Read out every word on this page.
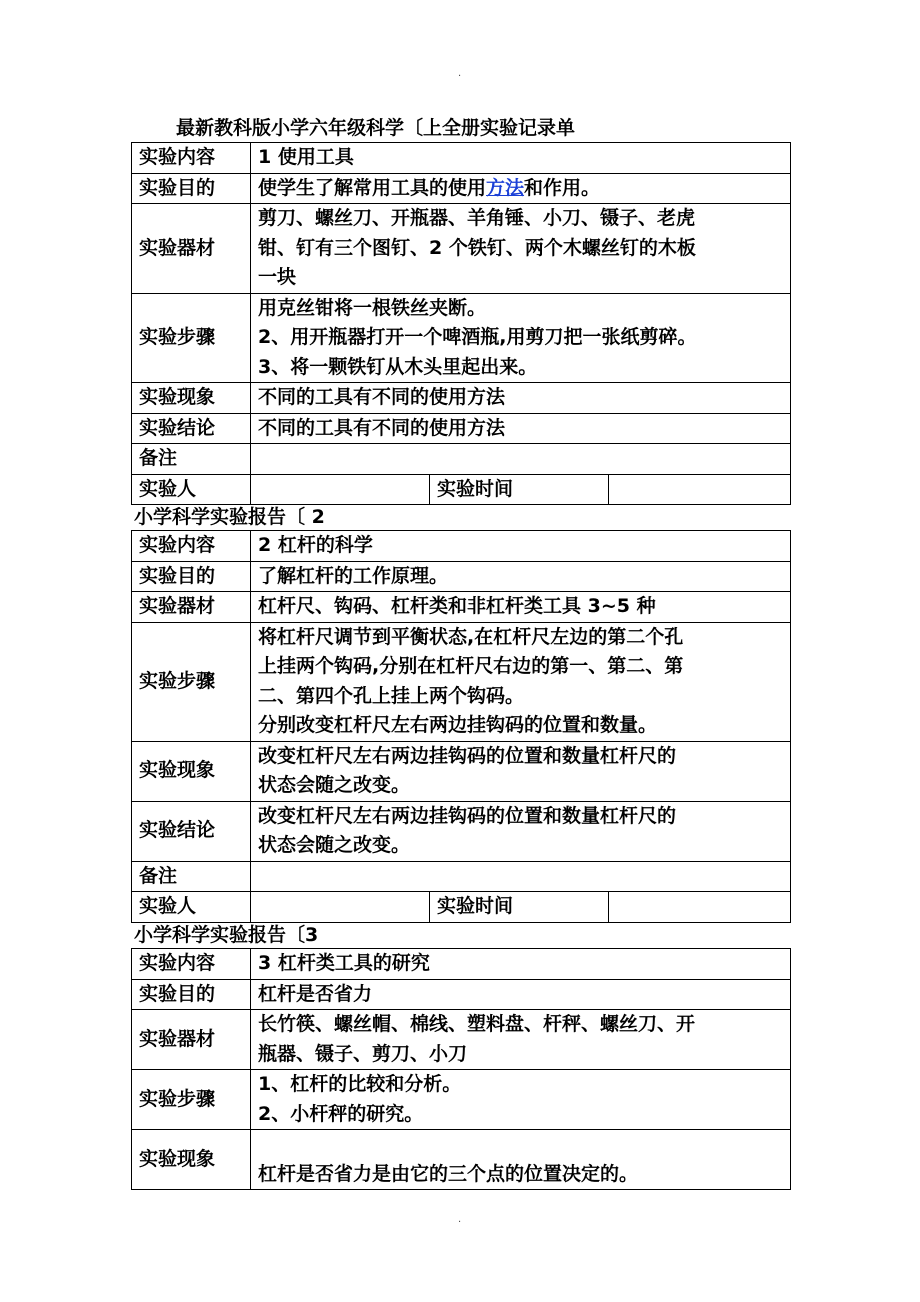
.
最新教科版小学六年级科学〔上全册实验记录单
实验内容	1 使用工具		
实验目的	使学生了解常用工具的使用方法和作用。		
实验器材	剪刀、螺丝刀、开瓶器、羊角锤、小刀、镊子、老虎
钳、钉有三个图钉、2 个铁钉、两个木螺丝钉的木板
一块		

实验步骤	用克丝钳将一根铁丝夹断。
2、用开瓶器打开一个啤酒瓶,用剪刀把一张纸剪碎。
3、将一颗铁钉从木头里起出来。		

实验现象	不同的工具有不同的使用方法		
实验结论	不同的工具有不同的使用方法		
备注			
实验人		实验时间	
小学科学实验报告〔 2
实验内容	2 杠杆的科学		
实验目的	了解杠杆的工作原理。		
实验器材	杠杆尺、钩码、杠杆类和非杠杆类工具 3~5 种		
实验步骤	将杠杆尺调节到平衡状态,在杠杆尺左边的第二个孔
上挂两个钩码,分别在杠杆尺右边的第一、第二、第
二、第四个孔上挂上两个钩码。
分别改变杠杆尺左右两边挂钩码的位置和数量。		

实验现象	改变杠杆尺左右两边挂钩码的位置和数量杠杆尺的
状态会随之改变。		

实验结论	改变杠杆尺左右两边挂钩码的位置和数量杠杆尺的
状态会随之改变。		

备注			
实验人		实验时间	
小学科学实验报告〔3
实验内容	3 杠杆类工具的研究
实验目的	杠杆是否省力
实验器材	长竹筷、螺丝帽、棉线、塑料盘、杆秤、螺丝刀、开
瓶器、镊子、剪刀、小刀

实验步骤	1、杠杆的比较和分析。
2、小杆秤的研究。

实验现象	杠杆是否省力是由它的三个点的位置决定的。
.
